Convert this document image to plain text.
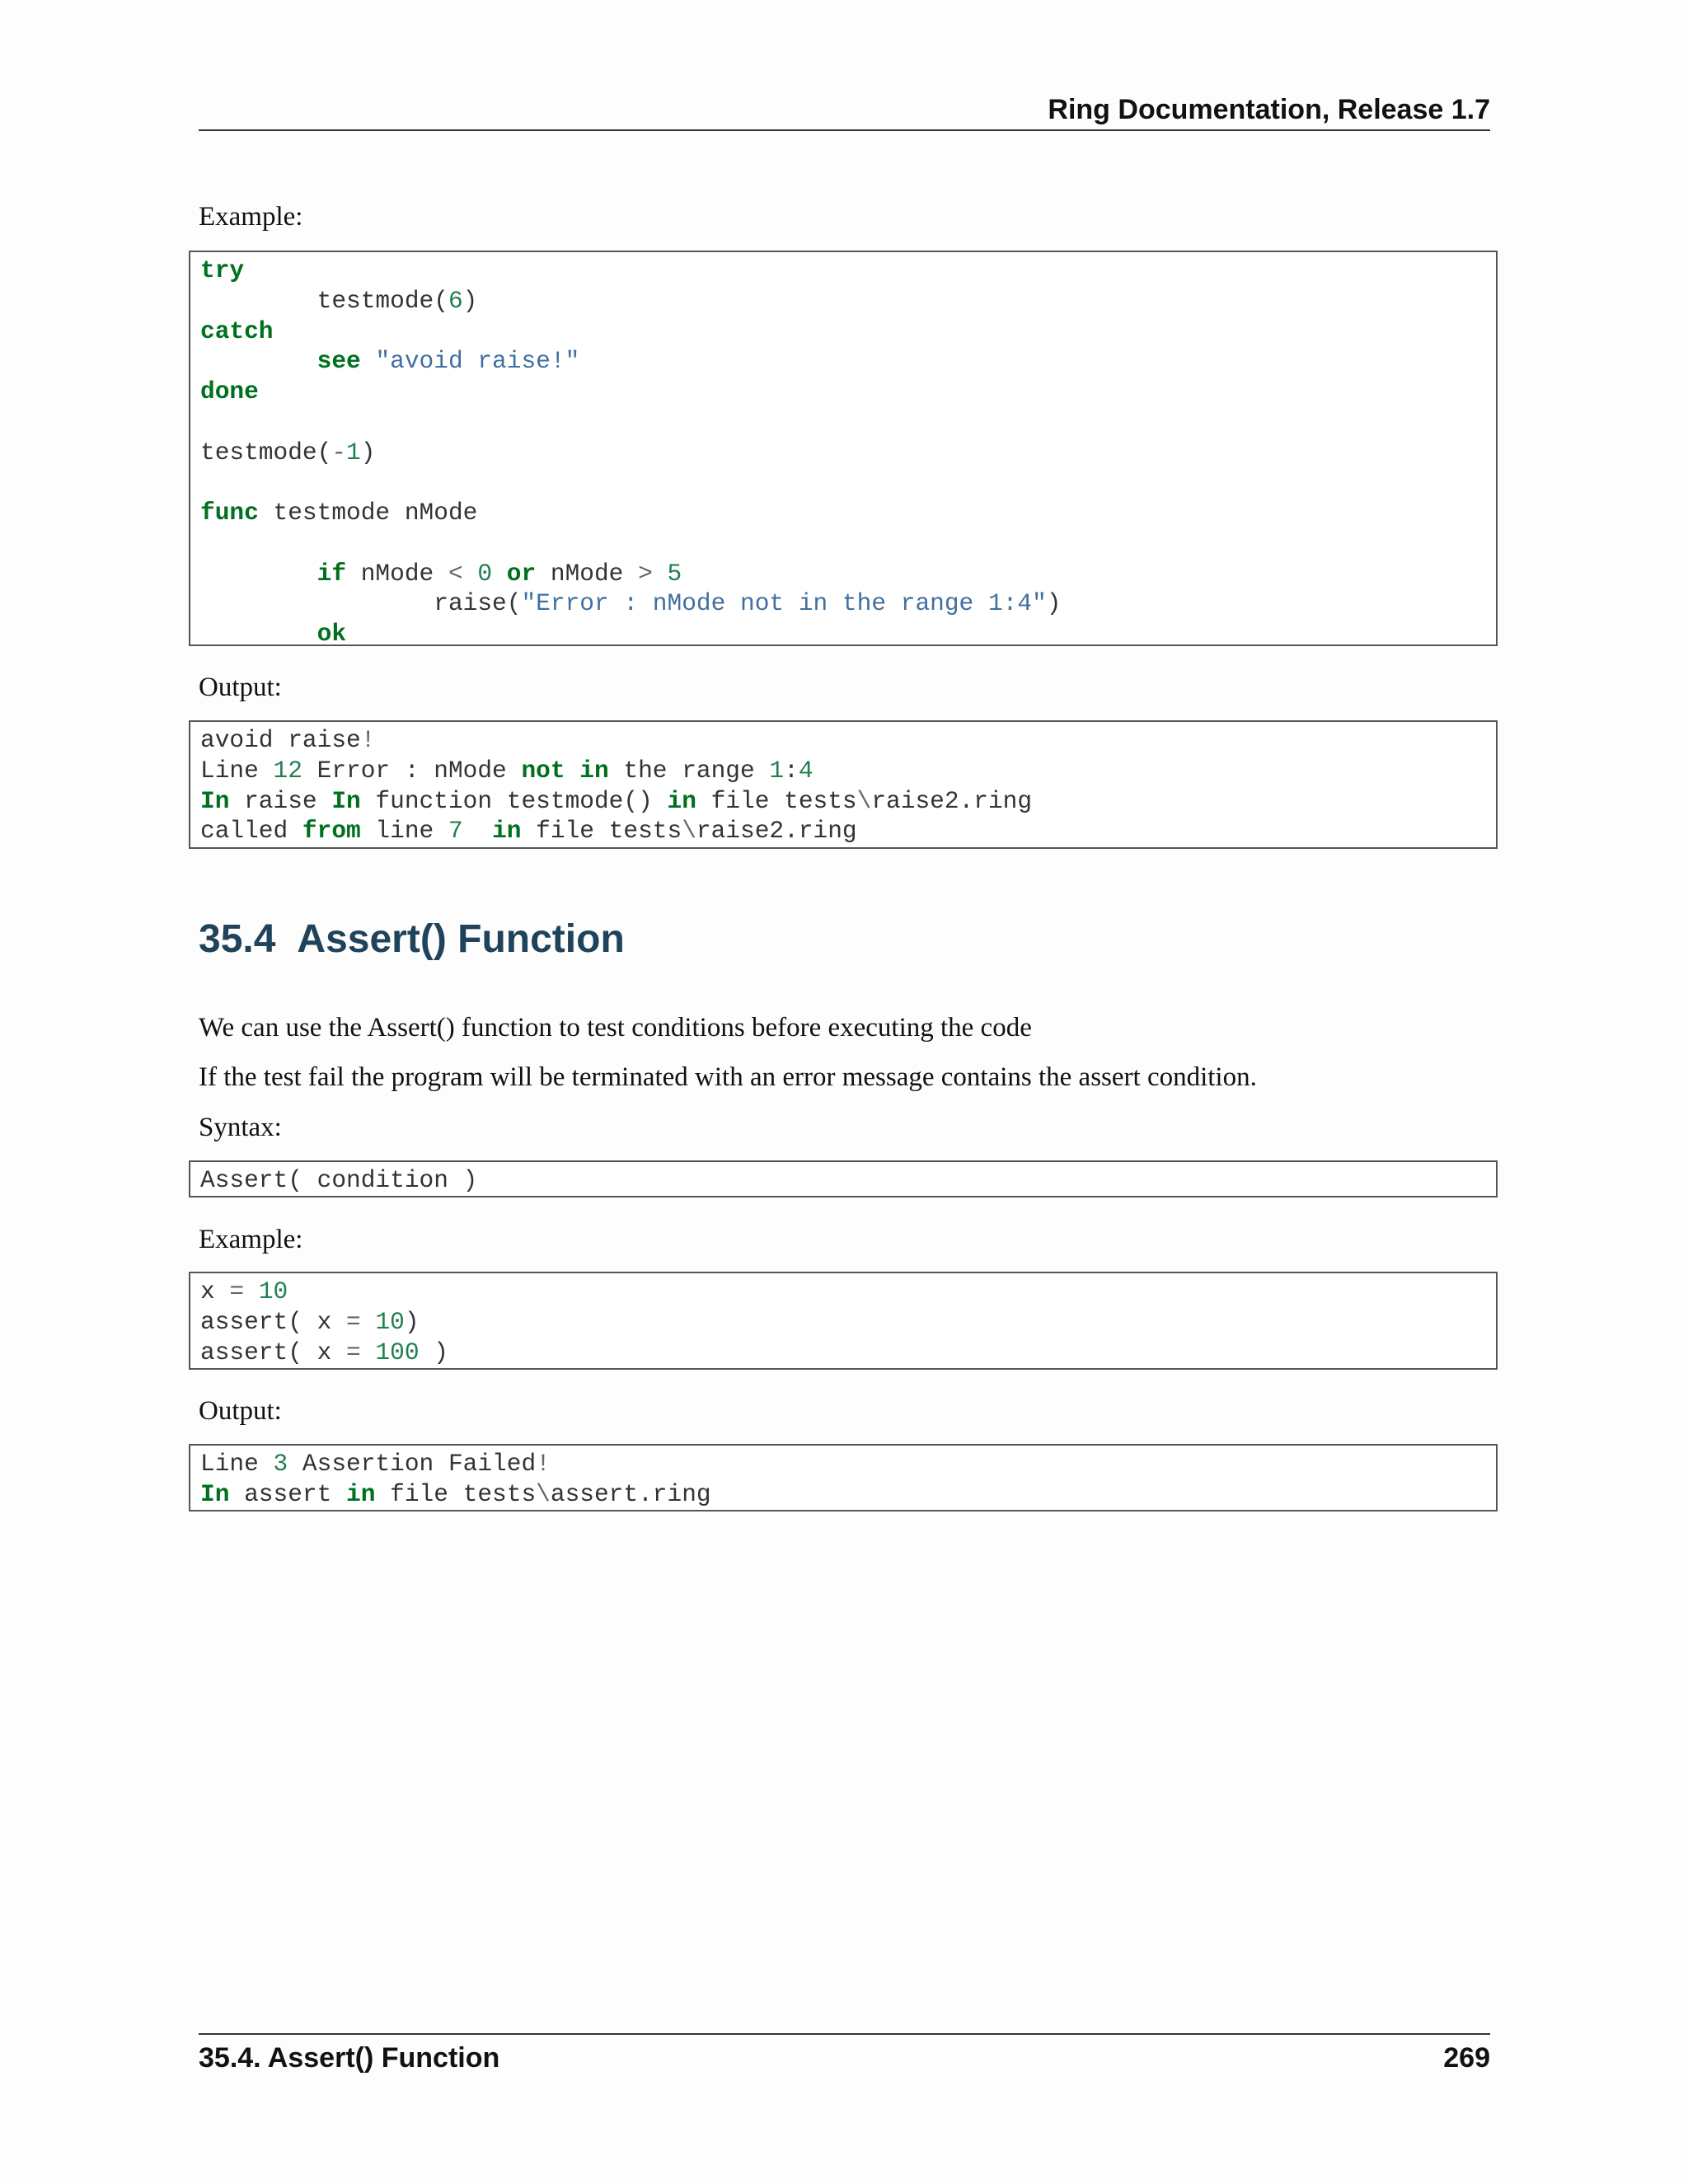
Ring Documentation, Release 1.7
Example:
try
testmode(6)
catch
see "avoid raise!"
done

testmode(-1)

func testmode nMode

if nMode < 0 or nMode > 5
raise("Error : nMode not in the range 1:4")
ok
Output:
avoid raise!
Line 12 Error : nMode not in the range 1:4
In raise In function testmode() in file tests\raise2.ring
called from line 7 in file tests\raise2.ring
35.4 Assert() Function
We can use the Assert() function to test conditions before executing the code
If the test fail the program will be terminated with an error message contains the assert condition.
Syntax:
Assert( condition )
Example:
x = 10
assert( x = 10)
assert( x = 100 )
Output:
Line 3 Assertion Failed!
In assert in file tests\assert.ring
35.4. Assert() Function	269
